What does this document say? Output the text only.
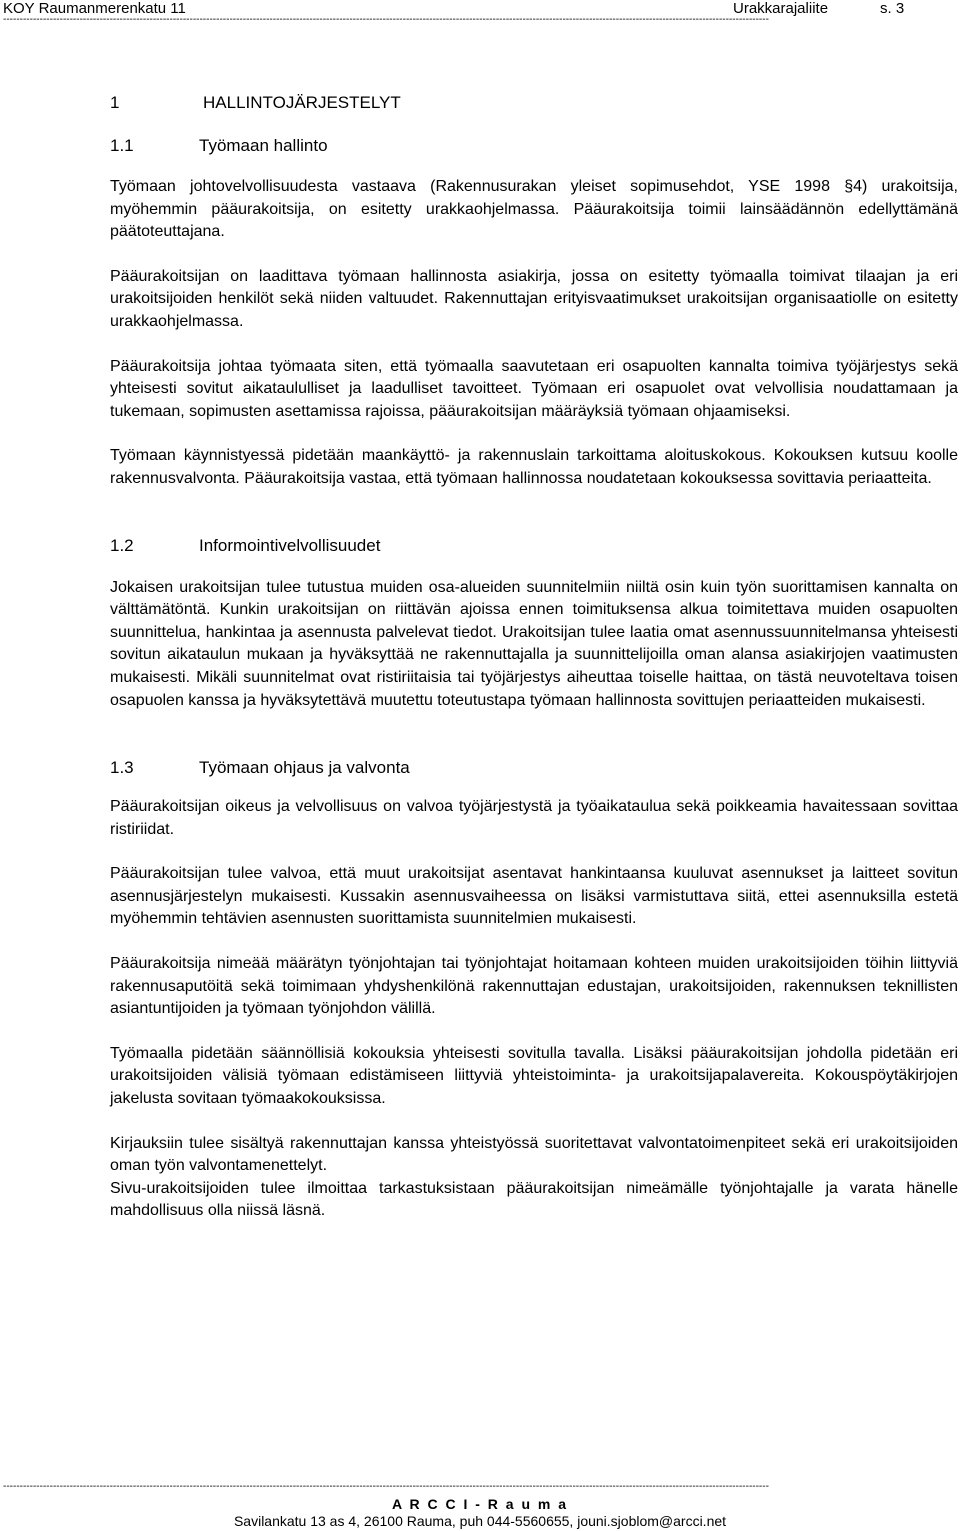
KOY Raumanmerenkatu 11	Urakkarajaliite	s. 3
--------------------------------------------------------------------------------------------------------------------------------------------------------------------------------------------------------------------------------------
1	HALLINTOJÄRJESTELYT
1.1	Työmaan hallinto

Työmaan johtovelvollisuudesta vastaava (Rakennusurakan yleiset sopimusehdot, YSE 1998 §4) urakoitsija, myöhemmin pääurakoitsija, on esitetty urakkaohjelmassa. Pääurakoitsija toimii lainsäädännön edellyttämänä päätoteuttajana.

Pääurakoitsijan on laadittava työmaan hallinnosta asiakirja, jossa on esitetty työmaalla toimivat tilaajan ja eri urakoitsijoiden henkilöt sekä niiden valtuudet. Rakennuttajan erityisvaatimukset urakoitsijan organisaatiolle on esitetty urakkaohjelmassa.

Pääurakoitsija johtaa työmaata siten, että työmaalla saavutetaan eri osapuolten kannalta toimiva työjärjestys sekä yhteisesti sovitut aikataululliset ja laadulliset tavoitteet. Työmaan eri osapuolet ovat velvollisia noudattamaan ja tukemaan, sopimusten asettamissa rajoissa, pääurakoitsijan määräyksiä työmaan ohjaamiseksi.

Työmaan käynnistyessä pidetään maankäyttö- ja rakennuslain tarkoittama aloituskokous. Kokouksen kutsuu koolle rakennusvalvonta. Pääurakoitsija vastaa, että työmaan hallinnossa noudatetaan kokouksessa sovittavia periaatteita.

1.2	Informointivelvollisuudet

Jokaisen urakoitsijan tulee tutustua muiden osa-alueiden suunnitelmiin niiltä osin kuin työn suorittamisen kannalta on välttämätöntä. Kunkin urakoitsijan on riittävän ajoissa ennen toimituksensa alkua toimitettava muiden osapuolten suunnittelua, hankintaa ja asennusta palvelevat tiedot. Urakoitsijan tulee laatia omat asennussuunnitelmansa yhteisesti sovitun aikataulun mukaan ja hyväksyttää ne rakennuttajalla ja suunnittelijoilla oman alansa asiakirjojen vaatimusten mukaisesti. Mikäli suunnitelmat ovat ristiriitaisia tai työjärjestys aiheuttaa toiselle haittaa, on tästä neuvoteltava toisen osapuolen kanssa ja hyväksytettävä muutettu toteutustapa työmaan hallinnosta sovittujen periaatteiden mukaisesti.

1.3	Työmaan ohjaus ja valvonta

Pääurakoitsijan oikeus ja velvollisuus on valvoa työjärjestystä ja työaikataulua sekä poikkeamia havaitessaan sovittaa ristiriidat.

Pääurakoitsijan tulee valvoa, että muut urakoitsijat asentavat hankintaansa kuuluvat asennukset ja laitteet sovitun asennusjärjestelyn mukaisesti. Kussakin asennusvaiheessa on lisäksi varmistuttava siitä, ettei asennuksilla estetä myöhemmin tehtävien asennusten suorittamista suunnitelmien mukaisesti.

Pääurakoitsija nimeää määrätyn työnjohtajan tai työnjohtajat hoitamaan kohteen muiden urakoitsijoiden töihin liittyviä rakennusaputöitä sekä toimimaan yhdyshenkilönä rakennuttajan edustajan, urakoitsijoiden, rakennuksen teknillisten asiantuntijoiden ja työmaan työnjohdon välillä.

Työmaalla pidetään säännöllisiä kokouksia yhteisesti sovitulla tavalla. Lisäksi pääurakoitsijan johdolla pidetään eri urakoitsijoiden välisiä työmaan edistämiseen liittyviä yhteistoiminta- ja urakoitsijapalavereita. Kokouspöytäkirjojen jakelusta sovitaan työmaakokouksissa.

Kirjauksiin tulee sisältyä rakennuttajan kanssa yhteistyössä suoritettavat valvontatoimenpiteet sekä eri urakoitsijoiden oman työn valvontamenettelyt.

Sivu-urakoitsijoiden tulee ilmoittaa tarkastuksistaan pääurakoitsijan nimeämälle työnjohtajalle ja varata hänelle mahdollisuus olla niissä läsnä.

--------------------------------------------------------------------------------------------------------------------------------------------------------------------------------------------------------------------------------------
A R C C I - R a u m a
Savilankatu 13 as 4, 26100 Rauma, puh 044-5560655, jouni.sjoblom@arcci.net
